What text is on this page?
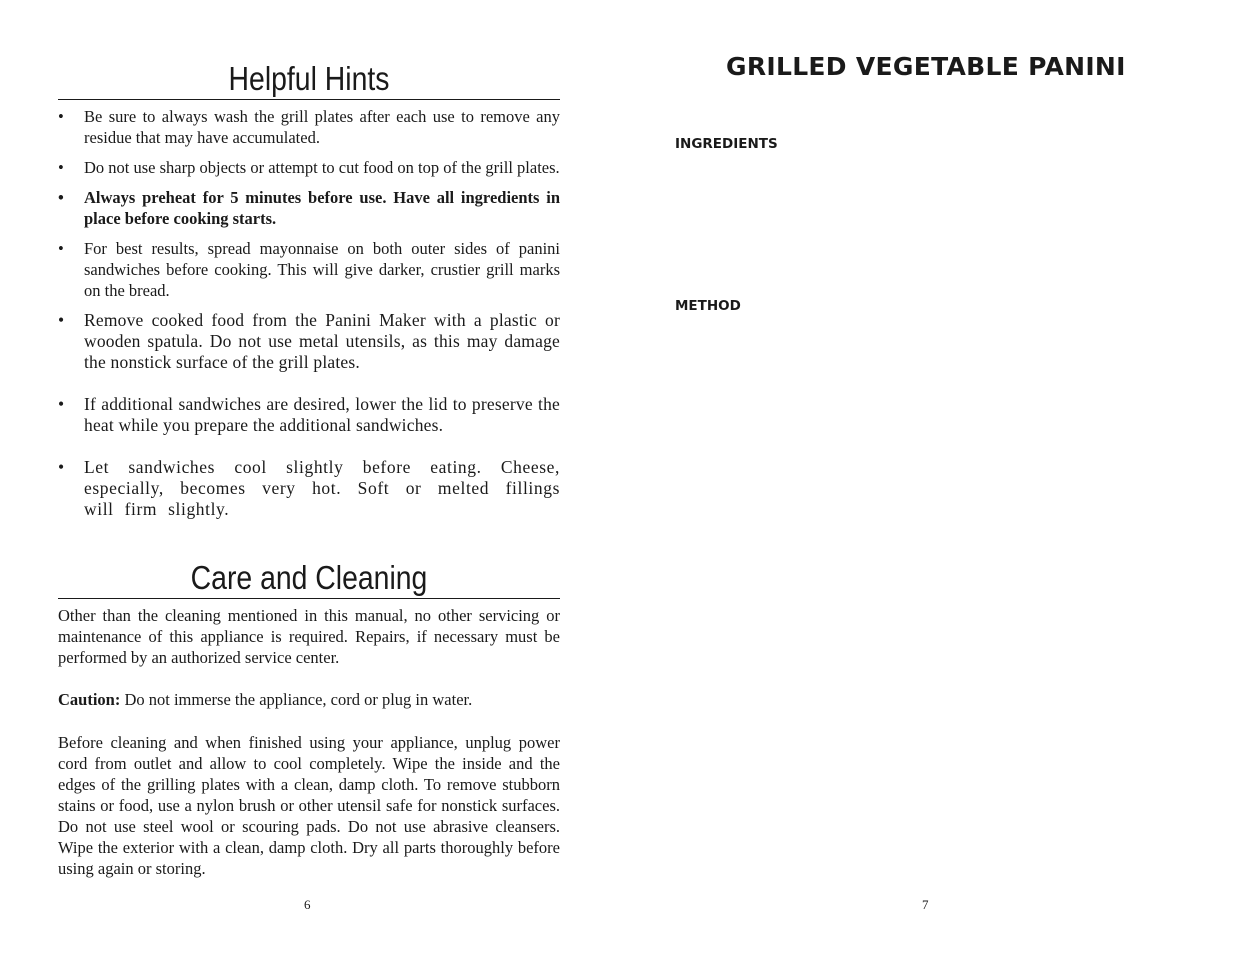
Helpful Hints
• Be sure to always wash the grill plates after each use to remove any residue that may have accumulated.
• Do not use sharp objects or attempt to cut food on top of the grill plates.
• Always preheat for 5 minutes before use. Have all ingredients in place before cooking starts.
• For best results, spread mayonnaise on both outer sides of panini sandwiches before cooking. This will give darker, crustier grill marks on the bread.
• Remove cooked food from the Panini Maker with a plastic or wooden spatula. Do not use metal utensils, as this may damage the nonstick surface of the grill plates.
• If additional sandwiches are desired, lower the lid to preserve the heat while you prepare the additional sandwiches.
• Let sandwiches cool slightly before eating. Cheese, especially, becomes very hot. Soft or melted fillings will firm slightly.
Care and Cleaning

Other than the cleaning mentioned in this manual, no other servicing or maintenance of this appliance is required. Repairs, if necessary must be performed by an authorized service center.

Caution: Do not immerse the appliance, cord or plug in water.

Before cleaning and when finished using your appliance, unplug power cord from outlet and allow to cool completely. Wipe the inside and the edges of the grilling plates with a clean, damp cloth. To remove stubborn stains or food, use a nylon brush or other utensil safe for nonstick surfaces. Do not use steel wool or scouring pads. Do not use abrasive cleansers. Wipe the exterior with a clean, damp cloth. Dry all parts thoroughly before using again or storing.

6
GRILLED VEGETABLE PANINI
INGREDIENTS
METHOD
7
